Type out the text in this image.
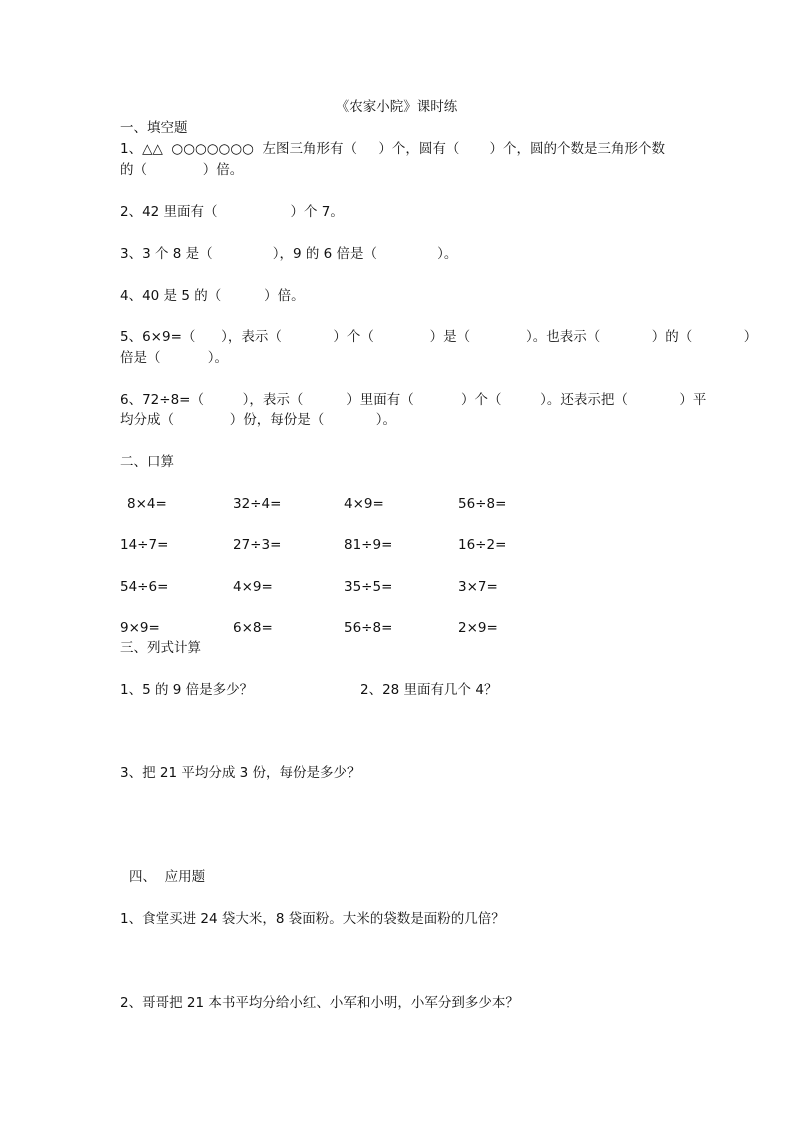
《农家小院》课时练
一、填空题
1、△△  ○○○○○○○  左图三角形有（     ）个，圆有（       ）个，圆的个数是三角形个数
的（             ）倍。
2、42 里面有（                 ）个 7。
3、3 个 8 是（              ），9 的 6 倍是（              ）。
4、40 是 5 的（          ）倍。
5、6×9=（      ），表示（            ）个（             ）是（             ）。也表示（            ）的（            ）
倍是（           ）。
6、72÷8=（         ），表示（          ）里面有（           ）个（         ）。还表示把（            ）平
均分成（             ）份，每份是（            ）。
二、口算
8×4=	32÷4=	4×9=	56÷8=
14÷7=	27÷3=	81÷9=	16÷2=
54÷6=	4×9=	35÷5=	3×7=
9×9=	6×8=	56÷8=	2×9=
三、列式计算
1、5 的 9 倍是多少？	2、28 里面有几个 4？
3、把 21 平均分成 3 份，每份是多少？
四、  应用题
1、食堂买进 24 袋大米，8 袋面粉。大米的袋数是面粉的几倍？
2、哥哥把 21 本书平均分给小红、小军和小明，小军分到多少本？
